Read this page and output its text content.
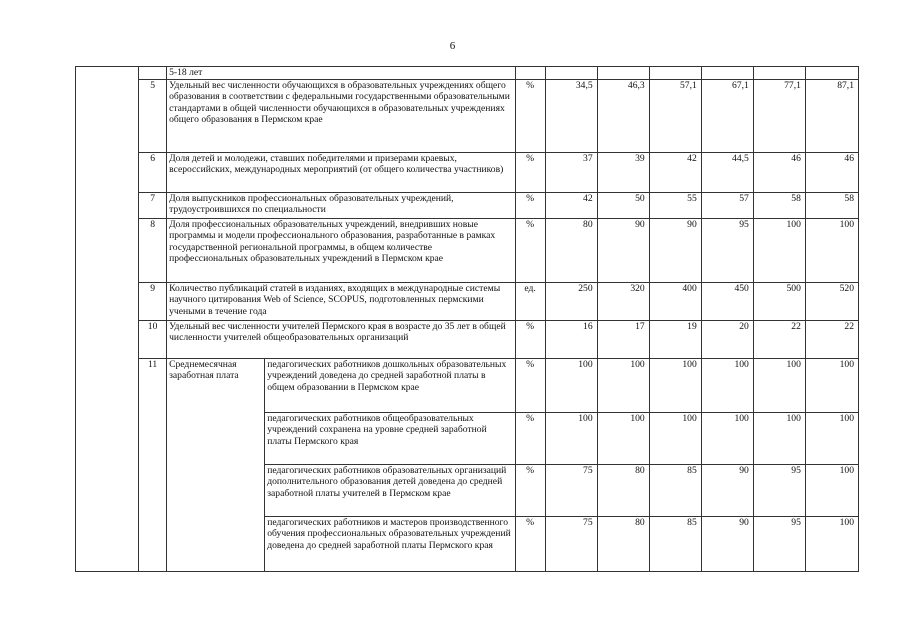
6
		5-18 лет								
	5	Удельный вес численности обучающихся в образовательных учреждениях общего образования в соответствии с федеральными государственными образовательными стандартами в общей численности обучающихся в образовательных учреждениях общего образования в Пермском крае		%	34,5	46,3	57,1	67,1	77,1	87,1
	6	Доля детей и молодежи, ставших победителями и призерами краевых, всероссийских, международных мероприятий (от общего количества участников)		%	37	39	42	44,5	46	46
	7	Доля выпускников профессиональных образовательных учреждений, трудоустроившихся по специальности		%	42	50	55	57	58	58
	8	Доля профессиональных образовательных учреждений, внедривших новые программы и модели профессионального образования, разработанные в рамках государственной региональной программы, в общем количестве профессиональных образовательных учреждений в Пермском крае		%	80	90	90	95	100	100
	9	Количество публикаций статей в изданиях, входящих в международные системы научного цитирования Web of Science, SCOPUS, подготовленных пермскими учеными в течение года		ед.	250	320	400	450	500	520
	10	Удельный вес численности учителей Пермского края в возрасте до 35 лет в общей численности учителей общеобразовательных организаций		%	16	17	19	20	22	22
	11	Среднемесячная заработная плата	педагогических работников дошкольных образовательных учреждений доведена до средней заработной платы в общем образовании в Пермском крае	%	100	100	100	100	100	100
			педагогических работников общеобразовательных учреждений сохранена на уровне средней заработной платы Пермского края	%	100	100	100	100	100	100
			педагогических работников образовательных организаций дополнительного образования детей доведена до средней заработной платы учителей в Пермском крае	%	75	80	85	90	95	100
			педагогических работников и мастеров производственного обучения профессиональных образовательных учреждений доведена до средней заработной платы Пермского края	%	75	80	85	90	95	100
